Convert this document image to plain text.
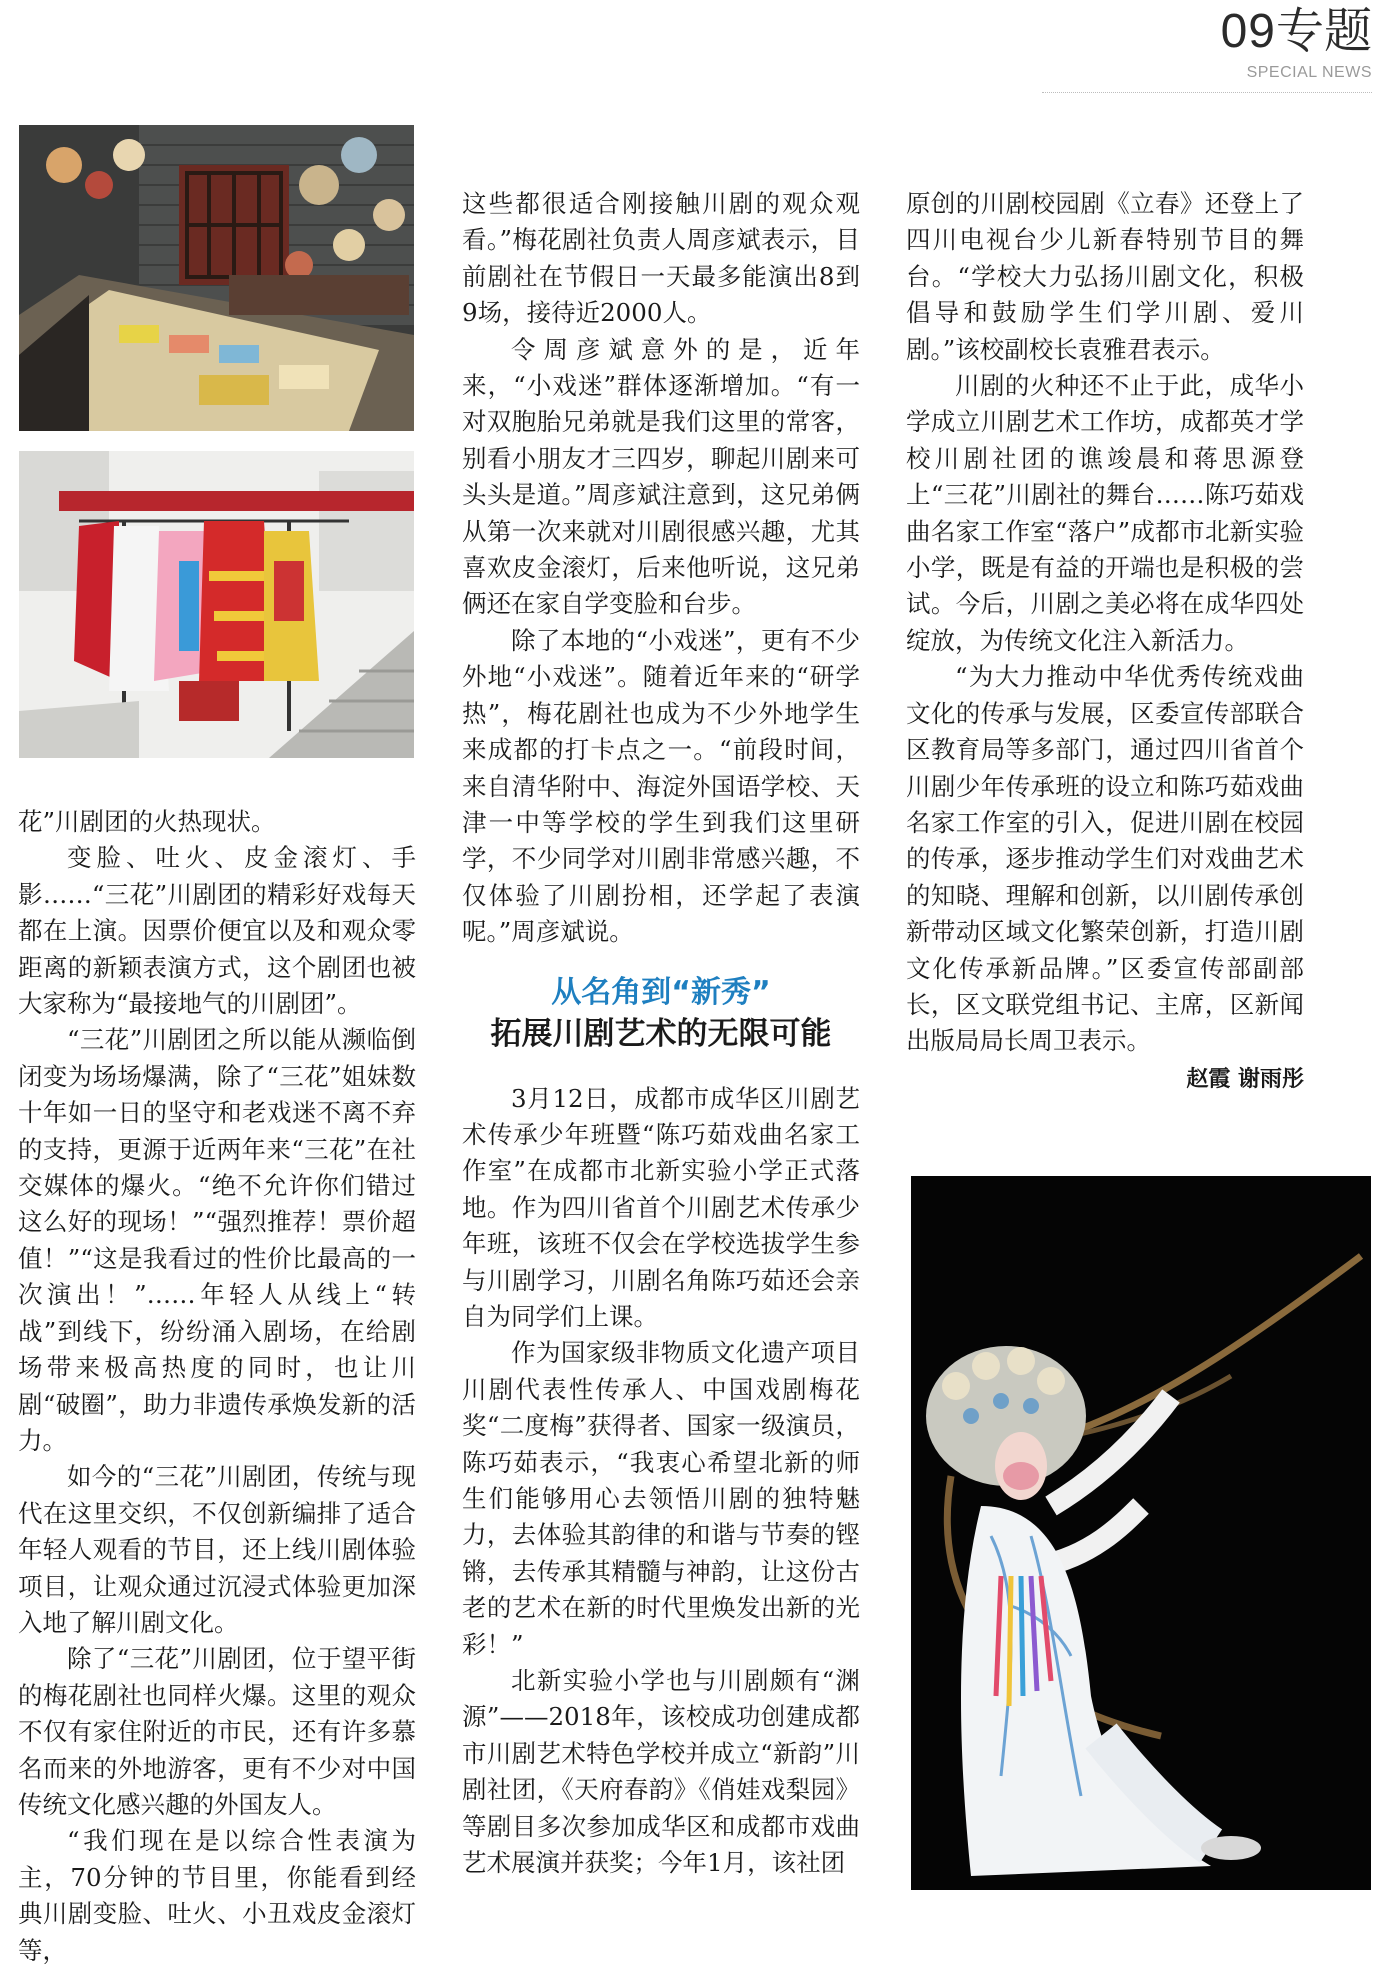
09专题
SPECIAL NEWS

花”川剧团的火热现状。

变脸、吐火、皮金滚灯、手影……“三花”川剧团的精彩好戏每天都在上演。因票价便宜以及和观众零距离的新颖表演方式，这个剧团也被大家称为“最接地气的川剧团”。

“三花”川剧团之所以能从濒临倒闭变为场场爆满，除了“三花”姐妹数十年如一日的坚守和老戏迷不离不弃的支持，更源于近两年来“三花”在社交媒体的爆火。“绝不允许你们错过这么好的现场！”“强烈推荐！票价超值！”“这是我看过的性价比最高的一次演出！”……年轻人从线上“转战”到线下，纷纷涌入剧场，在给剧场带来极高热度的同时，也让川剧“破圈”，助力非遗传承焕发新的活力。

如今的“三花”川剧团，传统与现代在这里交织，不仅创新编排了适合年轻人观看的节目，还上线川剧体验项目，让观众通过沉浸式体验更加深入地了解川剧文化。

除了“三花”川剧团，位于望平街的梅花剧社也同样火爆。这里的观众不仅有家住附近的市民，还有许多慕名而来的外地游客，更有不少对中国传统文化感兴趣的外国友人。

“我们现在是以综合性表演为主，70分钟的节目里，你能看到经典川剧变脸、吐火、小丑戏皮金滚灯等，

这些都很适合刚接触川剧的观众观看。”梅花剧社负责人周彦斌表示，目前剧社在节假日一天最多能演出8到9场，接待近2000人。

令周彦斌意外的是，近年来，“小戏迷”群体逐渐增加。“有一对双胞胎兄弟就是我们这里的常客，别看小朋友才三四岁，聊起川剧来可头头是道。”周彦斌注意到，这兄弟俩从第一次来就对川剧很感兴趣，尤其喜欢皮金滚灯，后来他听说，这兄弟俩还在家自学变脸和台步。

除了本地的“小戏迷”，更有不少外地“小戏迷”。随着近年来的“研学热”，梅花剧社也成为不少外地学生来成都的打卡点之一。“前段时间，来自清华附中、海淀外国语学校、天津一中等学校的学生到我们这里研学，不少同学对川剧非常感兴趣，不仅体验了川剧扮相，还学起了表演呢。”周彦斌说。

从名角到“新秀”
拓展川剧艺术的无限可能

3月12日，成都市成华区川剧艺术传承少年班暨“陈巧茹戏曲名家工作室”在成都市北新实验小学正式落地。作为四川省首个川剧艺术传承少年班，该班不仅会在学校选拔学生参与川剧学习，川剧名角陈巧茹还会亲自为同学们上课。

作为国家级非物质文化遗产项目川剧代表性传承人、中国戏剧梅花奖“二度梅”获得者、国家一级演员，陈巧茹表示，“我衷心希望北新的师生们能够用心去领悟川剧的独特魅力，去体验其韵律的和谐与节奏的铿锵，去传承其精髓与神韵，让这份古老的艺术在新的时代里焕发出新的光彩！”

北新实验小学也与川剧颇有“渊源”——2018年，该校成功创建成都市川剧艺术特色学校并成立“新韵”川剧社团，《天府春韵》《俏娃戏梨园》等剧目多次参加成华区和成都市戏曲艺术展演并获奖；今年1月，该社团

原创的川剧校园剧《立春》还登上了四川电视台少儿新春特别节目的舞台。“学校大力弘扬川剧文化，积极倡导和鼓励学生们学川剧、爱川剧。”该校副校长袁雅君表示。

川剧的火种还不止于此，成华小学成立川剧艺术工作坊，成都英才学校川剧社团的谯竣晨和蒋思源登上“三花”川剧社的舞台……陈巧茹戏曲名家工作室“落户”成都市北新实验小学，既是有益的开端也是积极的尝试。今后，川剧之美必将在成华四处绽放，为传统文化注入新活力。

“为大力推动中华优秀传统戏曲文化的传承与发展，区委宣传部联合区教育局等多部门，通过四川省首个川剧少年传承班的设立和陈巧茹戏曲名家工作室的引入，促进川剧在校园的传承，逐步推动学生们对戏曲艺术的知晓、理解和创新，以川剧传承创新带动区域文化繁荣创新，打造川剧文化传承新品牌。”区委宣传部副部长，区文联党组书记、主席，区新闻出版局局长周卫表示。

赵霞 谢雨彤
